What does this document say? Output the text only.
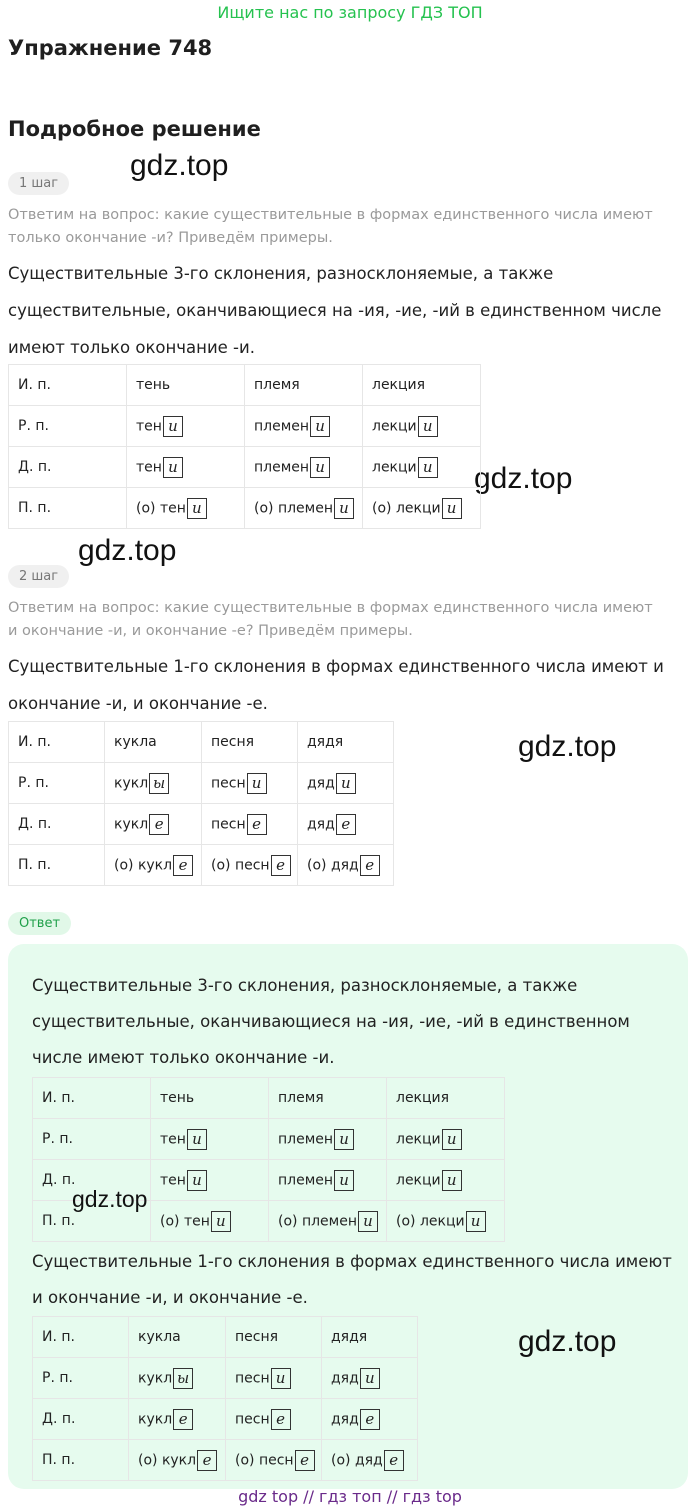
Ищите нас по запросу ГДЗ ТОП
Упражнение 748
Подробное решение
gdz.top
gdz.top
gdz.top
gdz.top
1 шаг
Ответим на вопрос: какие существительные в формах единственного числа имеют только окончание -и? Приведём примеры.
Существительные 3-го склонения, разносклоняемые, а также существительные, оканчивающиеся на -ия, -ие, -ий в единственном числе имеют только окончание -и.
И. п.	тень	племя	лекция
Р. п.	тен и	племен и	лекци и
Д. п.	тен и	племен и	лекци и
П. п.	(о) тен и	(о) племен и	(о) лекци и
2 шаг
Ответим на вопрос: какие существительные в формах единственного числа имеют и окончание -и, и окончание -е? Приведём примеры.
Существительные 1-го склонения в формах единственного числа имеют и окончание -и, и окончание -е.
И. п.	кукла	песня	дядя
Р. п.	кукл ы	песн и	дяд и
Д. п.	кукл е	песн е	дяд е
П. п.	(о) кукл е	(о) песн е	(о) дяд е
Ответ
Существительные 3-го склонения, разносклоняемые, а также существительные, оканчивающиеся на -ия, -ие, -ий в единственном числе имеют только окончание -и.
И. п.	тень	племя	лекция
Р. п.	тен и	племен и	лекци и
Д. п.	тен и	племен и	лекци и
П. п.	(о) тен и	(о) племен и	(о) лекци и
Существительные 1-го склонения в формах единственного числа имеют и окончание -и, и окончание -е.
И. п.	кукла	песня	дядя
Р. п.	кукл ы	песн и	дяд и
Д. п.	кукл е	песн е	дяд е
П. п.	(о) кукл е	(о) песн е	(о) дяд е
gdz.top
gdz.top
gdz top // гдз топ // гдз top
